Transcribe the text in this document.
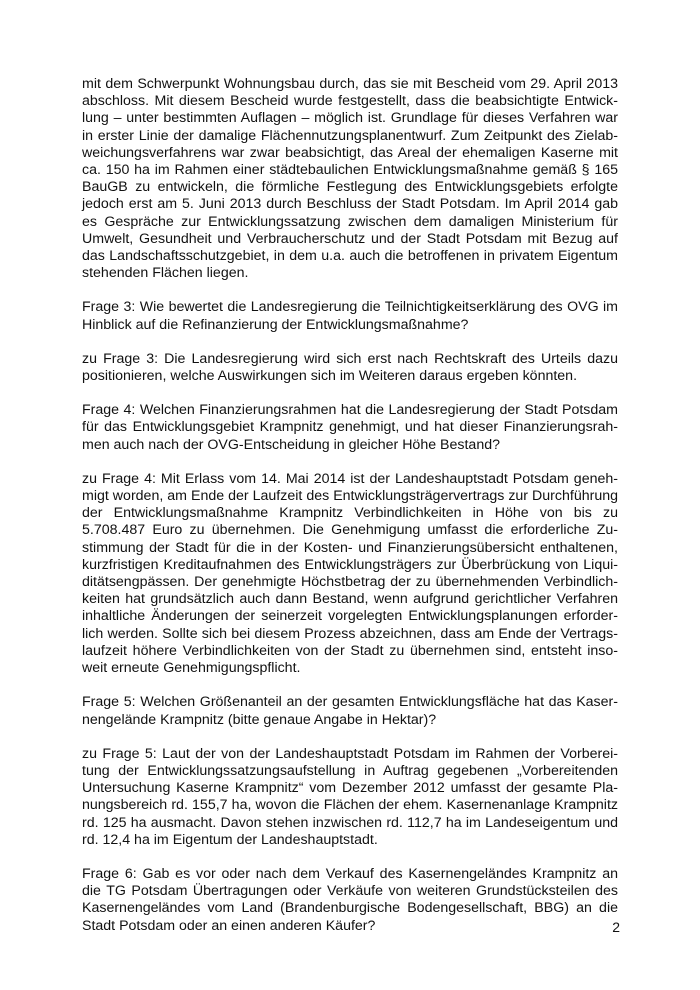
mit dem Schwerpunkt Wohnungsbau durch, das sie mit Bescheid vom 29. April 2013 abschloss. Mit diesem Bescheid wurde festgestellt, dass die beabsichtigte Entwicklung – unter bestimmten Auflagen – möglich ist. Grundlage für dieses Verfahren war in erster Linie der damalige Flächennutzungsplanentwurf. Zum Zeitpunkt des Zielabweichungsverfahrens war zwar beabsichtigt, das Areal der ehemaligen Kaserne mit ca. 150 ha im Rahmen einer städtebaulichen Entwicklungsmaßnahme gemäß § 165 BauGB zu entwickeln, die förmliche Festlegung des Entwicklungsgebiets erfolgte jedoch erst am 5. Juni 2013 durch Beschluss der Stadt Potsdam. Im April 2014 gab es Gespräche zur Entwicklungssatzung zwischen dem damaligen Ministerium für Umwelt, Gesundheit und Verbraucherschutz und der Stadt Potsdam mit Bezug auf das Landschaftsschutzgebiet, in dem u.a. auch die betroffenen in privatem Eigentum stehenden Flächen liegen.

Frage 3: Wie bewertet die Landesregierung die Teilnichtigkeitserklärung des OVG im Hinblick auf die Refinanzierung der Entwicklungsmaßnahme?

zu Frage 3: Die Landesregierung wird sich erst nach Rechtskraft des Urteils dazu positionieren, welche Auswirkungen sich im Weiteren daraus ergeben könnten.

Frage 4: Welchen Finanzierungsrahmen hat die Landesregierung der Stadt Potsdam für das Entwicklungsgebiet Krampnitz genehmigt, und hat dieser Finanzierungsrahmen auch nach der OVG-Entscheidung in gleicher Höhe Bestand?

zu Frage 4: Mit Erlass vom 14. Mai 2014 ist der Landeshauptstadt Potsdam genehmigt worden, am Ende der Laufzeit des Entwicklungsträgervertrags zur Durchführung der Entwicklungsmaßnahme Krampnitz Verbindlichkeiten in Höhe von bis zu 5.708.487 Euro zu übernehmen. Die Genehmigung umfasst die erforderliche Zustimmung der Stadt für die in der Kosten- und Finanzierungsübersicht enthaltenen, kurzfristigen Kreditaufnahmen des Entwicklungsträgers zur Überbrückung von Liquiditätsengpässen. Der genehmigte Höchstbetrag der zu übernehmenden Verbindlichkeiten hat grundsätzlich auch dann Bestand, wenn aufgrund gerichtlicher Verfahren inhaltliche Änderungen der seinerzeit vorgelegten Entwicklungsplanungen erforderlich werden. Sollte sich bei diesem Prozess abzeichnen, dass am Ende der Vertragslaufzeit höhere Verbindlichkeiten von der Stadt zu übernehmen sind, entsteht insoweit erneute Genehmigungspflicht.

Frage 5: Welchen Größenanteil an der gesamten Entwicklungsfläche hat das Kasernengelände Krampnitz (bitte genaue Angabe in Hektar)?

zu Frage 5: Laut der von der Landeshauptstadt Potsdam im Rahmen der Vorbereitung der Entwicklungssatzungsaufstellung in Auftrag gegebenen „Vorbereitenden Untersuchung Kaserne Krampnitz“ vom Dezember 2012 umfasst der gesamte Planungsbereich rd. 155,7 ha, wovon die Flächen der ehem. Kasernenanlage Krampnitz rd. 125 ha ausmacht. Davon stehen inzwischen rd. 112,7 ha im Landeseigentum und rd. 12,4 ha im Eigentum der Landeshauptstadt.

Frage 6: Gab es vor oder nach dem Verkauf des Kasernengeländes Krampnitz an die TG Potsdam Übertragungen oder Verkäufe von weiteren Grundstücksteilen des Kasernengeländes vom Land (Brandenburgische Bodengesellschaft, BBG) an die Stadt Potsdam oder an einen anderen Käufer?	2
